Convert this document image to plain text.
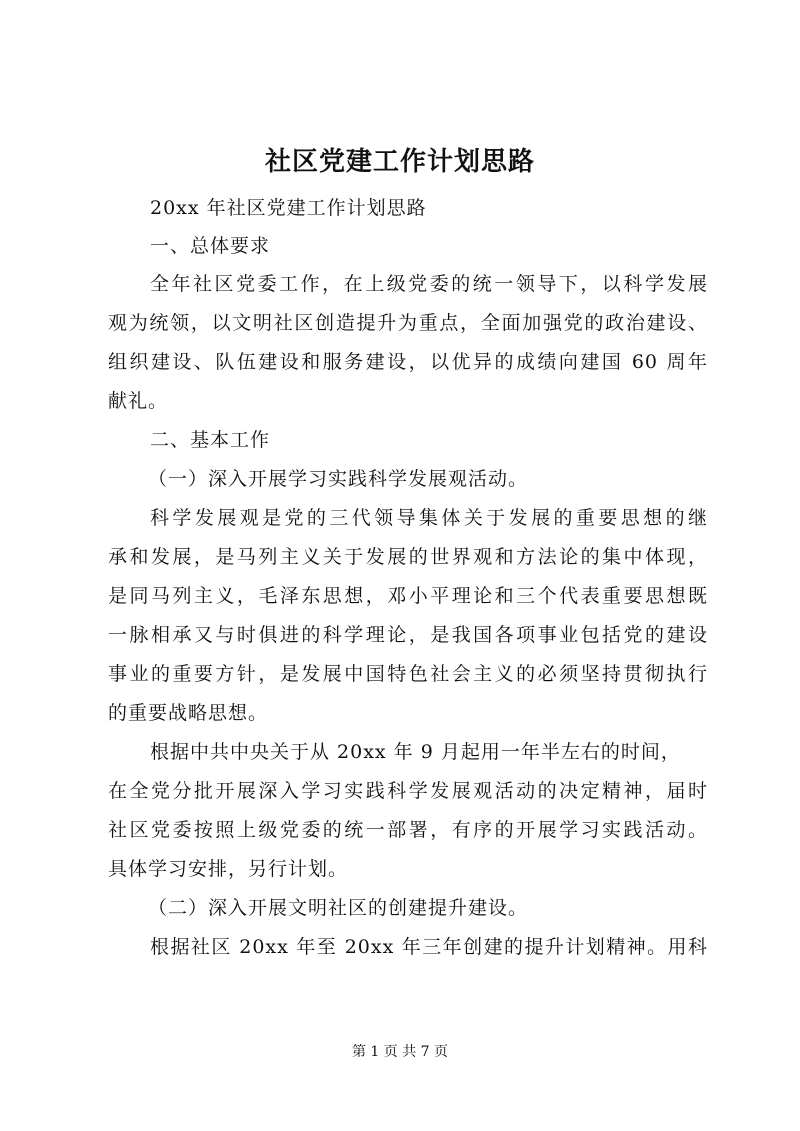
社区党建工作计划思路
20xx 年社区党建工作计划思路
一、总体要求
全年社区党委工作，在上级党委的统一领导下，以科学发展
观为统领，以文明社区创造提升为重点，全面加强党的政治建设、
组织建设、队伍建设和服务建设，以优异的成绩向建国 60 周年
献礼。
二、基本工作
（一）深入开展学习实践科学发展观活动。
科学发展观是党的三代领导集体关于发展的重要思想的继
承和发展，是马列主义关于发展的世界观和方法论的集中体现，
是同马列主义，毛泽东思想，邓小平理论和三个代表重要思想既
一脉相承又与时俱进的科学理论，是我国各项事业包括党的建设
事业的重要方针，是发展中国特色社会主义的必须坚持贯彻执行
的重要战略思想。
根据中共中央关于从 20xx 年 9 月起用一年半左右的时间，
在全党分批开展深入学习实践科学发展观活动的决定精神，届时
社区党委按照上级党委的统一部署，有序的开展学习实践活动。
具体学习安排，另行计划。
（二）深入开展文明社区的创建提升建设。
根据社区 20xx 年至 20xx 年三年创建的提升计划精神。用科
第 1 页 共 7 页
